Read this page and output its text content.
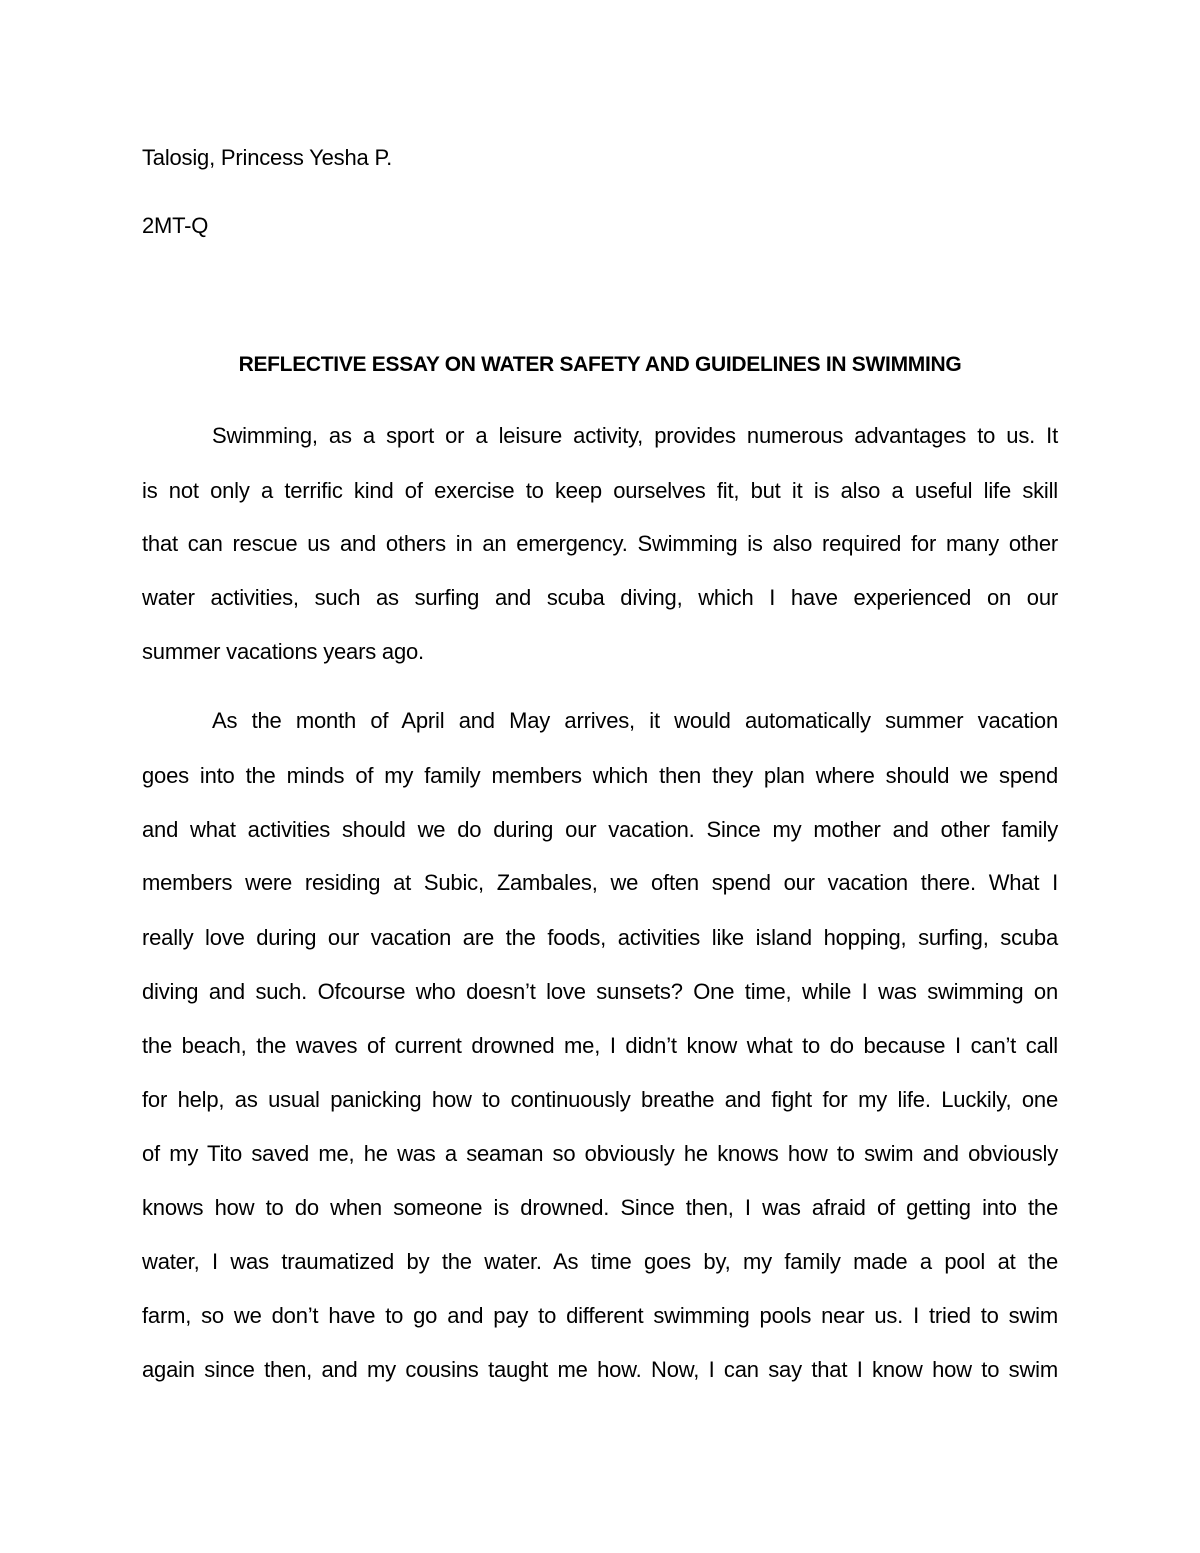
Talosig, Princess Yesha P.
2MT-Q
REFLECTIVE ESSAY ON WATER SAFETY AND GUIDELINES IN SWIMMING
Swimming, as a sport or a leisure activity, provides numerous advantages to us. It
is not only a terrific kind of exercise to keep ourselves fit, but it is also a useful life skill
that can rescue us and others in an emergency. Swimming is also required for many other
water activities, such as surfing and scuba diving, which I have experienced on our
summer vacations years ago.
As the month of April and May arrives, it would automatically summer vacation
goes into the minds of my family members which then they plan where should we spend
and what activities should we do during our vacation. Since my mother and other family
members were residing at Subic, Zambales, we often spend our vacation there. What I
really love during our vacation are the foods, activities like island hopping, surfing, scuba
diving and such. Ofcourse who doesn’t love sunsets? One time, while I was swimming on
the beach, the waves of current drowned me, I didn’t know what to do because I can’t call
for help, as usual panicking how to continuously breathe and fight for my life. Luckily, one
of my Tito saved me, he was a seaman so obviously he knows how to swim and obviously
knows how to do when someone is drowned. Since then, I was afraid of getting into the
water, I was traumatized by the water. As time goes by, my family made a pool at the
farm, so we don’t have to go and pay to different swimming pools near us. I tried to swim
again since then, and my cousins taught me how. Now, I can say that I know how to swim
